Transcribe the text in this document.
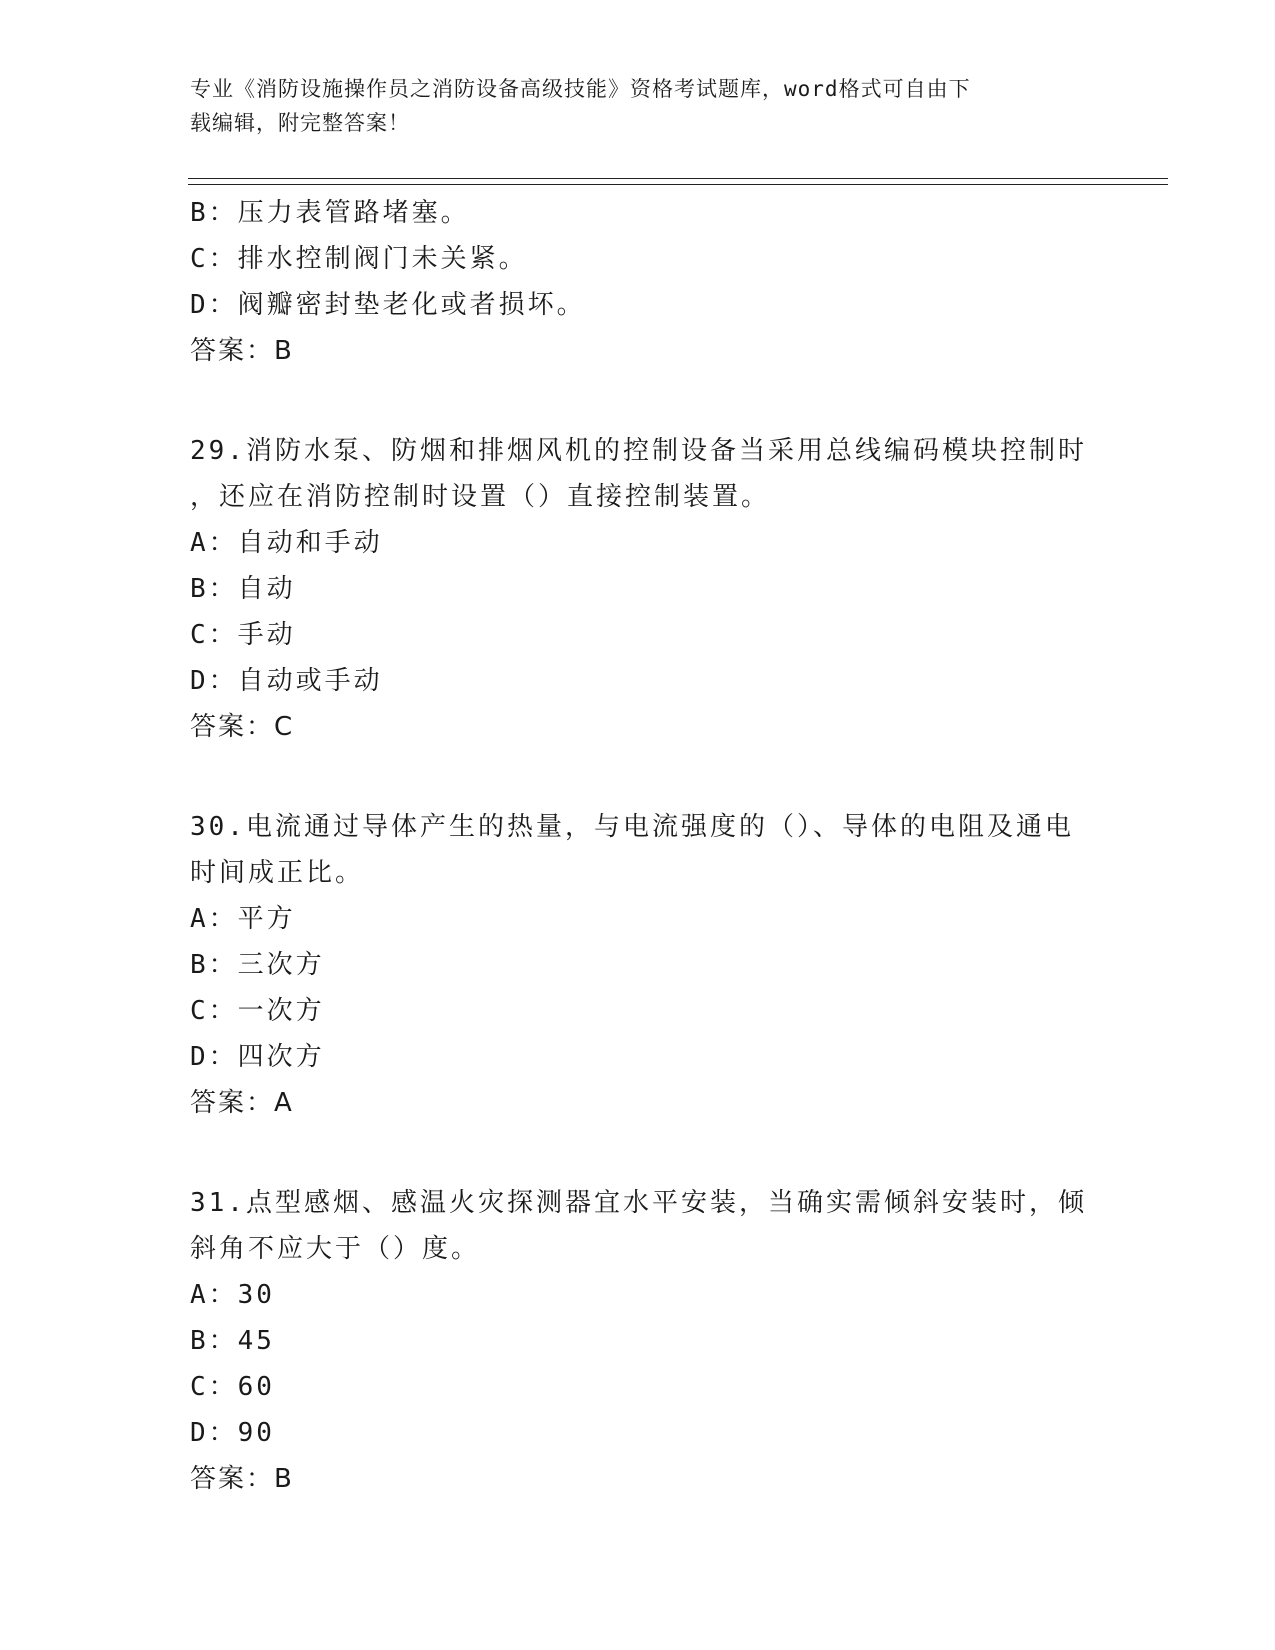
专业《消防设施操作员之消防设备高级技能》资格考试题库，word格式可自由下
载编辑，附完整答案！
B：压力表管路堵塞。
C：排水控制阀门未关紧。
D：阀瓣密封垫老化或者损坏。
答案：B
29.消防水泵、防烟和排烟风机的控制设备当采用总线编码模块控制时
，还应在消防控制时设置（）直接控制装置。
A：自动和手动
B：自动
C：手动
D：自动或手动
答案：C
30.电流通过导体产生的热量，与电流强度的（）、导体的电阻及通电
时间成正比。
A：平方
B：三次方
C：一次方
D：四次方
答案：A
31.点型感烟、感温火灾探测器宜水平安装，当确实需倾斜安装时，倾
斜角不应大于（）度。
A：30
B：45
C：60
D：90
答案：B
